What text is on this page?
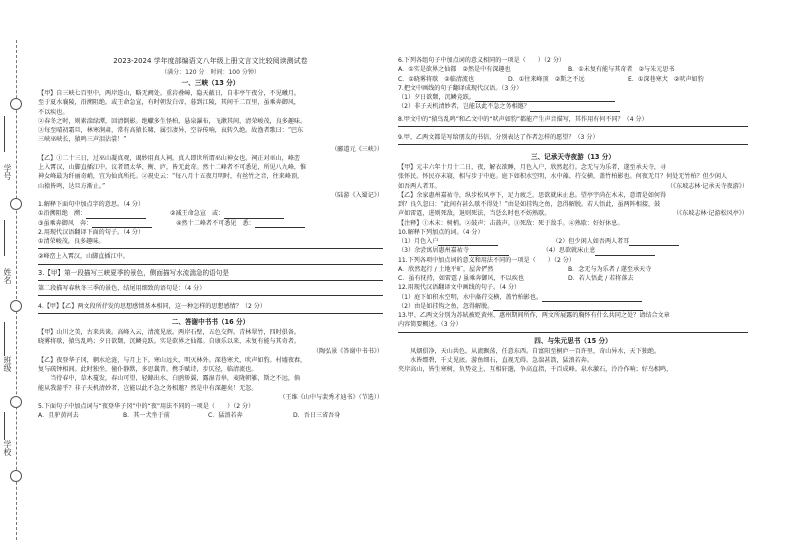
学号
姓名
班级
学校
2023-2024 学年度部编语文八年级上册文言文比较阅读测试卷
（满分：120 分　时间：100 分钟）
一、三峡（13 分）
【甲】自三峡七百里中，两岸连山，略无阙处。重岩叠嶂，隐天蔽日，自非亭午夜分，不见曦月。
至于夏水襄陵，沿溯阻绝。或王命急宣，有时朝发白帝，暮到江陵，其间千二百里，虽乘奔御风，
不以疾也。
②春冬之时，则素湍绿潭，回清倒影。绝巘多生怪柏，悬泉瀑布，飞漱其间，清荣峻茂，良多趣味。
③每至晴初霜旦，林寒涧肃，常有高猿长啸，属引凄异，空谷传响，哀转久绝。故渔者歌曰：“巴东
三峡巫峡长，猿鸣三声泪沾裳！”
（郦道元《三峡》）
【乙】①二十三日，过巫山凝真观，谒妙用真人祠。真人即世所谓巫山神女也。祠正对巫山，峰峦
上入霄汉，山脚直插江中。议者谓太华、衡、庐，皆无此奇。然十二峰者不可悉见，所见八九峰，惟
神女峰最为纤丽奇峭，宜为仙真所托。②祝史云：“每八月十五夜月明时，有丝竹之音，往来峰顶，
山猿皆鸣，达旦方渐止。”
（陆游《入蜀记》）
1.解释下面句中加点字的意思。（4 分）
①沿溯阻绝　溯：	②减王命急宣　或：
③虽乘奔御风　奔：	④然十二峰者不可悉见　悉：
2.用现代汉语翻译下面的句子。（4 分）
①清荣峻茂，良多趣味。
②峰峦上入霄汉，山脚直插江中。
3.【甲】第一段描写三峡夏季的景色，侧面描写水流湍急的语句是
第二段描写春秋冬三季的景色，结尾用细致的语句是：（4 分）
4.【甲】【乙】两文段所抒发的思想感情基本相同，这一种怎样的思想感情？（2 分）
二、答谢中书书（16 分）
【甲】山川之美，古来共谈。高峰入云，清流见底。两岸石壁，五色交辉。青林翠竹，四时俱备。
晓雾将歇，猿鸟乱鸣；夕日欲颓，沉鳞竞跃。实是欲界之仙都。自康乐以来，未复有能与其奇者。
（陶弘景《答谢中书书》）
【乙】夜登华子冈，辋水沦涟，与月上下。寒山远火，明灭林外。深巷寒犬，吠声如豹。村墟夜舂，
复与疏钟相间。此时独坐，僮仆静默，多思曩昔，携手赋诗，步仄径，临清流也。
　　当待春中，草木蔓发，春山可望，轻鲦出水，白鸥矫翼，露湿青皋，麦陇朝雊，斯之不远，倘
能从我游乎？非子天机清妙者，岂能以此不急之务相邀？然是中有深趣矣！无忽。
（王维《山中与裴秀才迪书》（节选））
5.下面句子中加点词与“夜登华子冈”中的“夜”用法不同的一项是（　　）（2 分）
A．且驴黄河去	B．其一犬坐于前	C．猛浪若奔	D．吾日三省吾身
6.下列各组句子中加点词的意义相同的一项是（　　）（2 分）
A．①实是欲界之仙都　②然是中有深趣也	B．①未复有能与其奇者　②与朱元思书
C．①晓雾将歇　②临清流也	D．①往来峰顶　②斯之不远	E．①深巷寒犬　②吠声如豹
7.把文中画线的句子翻译成现代汉语。（3 分）
（1）夕日欲颓，沉鳞竞跃。
（2）非子天机清妙者，岂能以此不急之务相邀？
8.甲文中的“猿鸟乱鸣”和乙文中的“吠声如豹”都能产生声音描写，其作用有何不同？（4 分）
9.甲、乙两文都是写给朋友的书信，分别表达了作者怎样的愿望？（3 分）
三、记承天寺夜游（13 分）
【甲】元丰六年十月十二日，夜，解衣欲睡，月色入户，欣然起行。念无与为乐者，遂至承天寺，寻
张怀民。怀民亦未寝，相与步于中庭。庭下如积水空明，水中藻、荇交横，盖竹柏影也。何夜无月？何处无竹柏？但少闲人
如吾两人者耳。	（《东坡志林·记承天寺夜游》）
【乙】余家惠州嘉祐寺，纵步松风亭下，足力疲乏，思欲就床止息。望亭宇尚在木末，意谓是如何得
到？良久忽曰：“此间有甚么歇不得处！”由是如挂钩之鱼，忽得解脱。若人悟此，虽两阵相接，鼓
声如雷霆，进则死敌，退则死法，当恁么时也不妨熟歇。	（《东坡志林·记游松风亭》）
【注释】①木末：树梢。②鼓声：击鼓声。③死敌：死于敌手。④熟歇：好好休息。
10.解释下列加点的词。（4 分）
（1）月色入户	（2）但少闲人如吾两人者耳
（3）余尝寓居惠州嘉祐寺	（4）思欲就床止息
11.下列各项中加点词的意义和用法不同的一项是（　　）（2 分）
A．欣然起行 / 土地平旷，屋舍俨然	B．念无与为乐者 / 遂至承天寺
C．虽有抚持，如雷霆 / 虽乘奔御风，不以疾也	D．若人悟此 / 若将落去
12.用现代汉语翻译文中画线的句子。（4 分）
（1）庭下如积水空明，水中藻荇交横，盖竹柏影也。
（2）由是如挂钩之鱼，忽得解脱。
13.甲、乙两文分别为苏轼被贬黄州、惠州期间所作，两文所展露的胸怀有什么共同之处？请结合文章
内容简要概述。（3 分）
四、与朱元思书（15 分）
　　风烟俱净，天山共色。从流飘荡，任意东西。自富阳至桐庐一百许里，奇山异水，天下独绝。
　　水皆缥碧，千丈见底。游鱼细石，直视无碍。急湍甚箭，猛浪若奔。
夹岸高山，皆生寒树，负势竞上，互相轩邈，争高直指，千百成峰。泉水激石，泠泠作响；好鸟相鸣，
